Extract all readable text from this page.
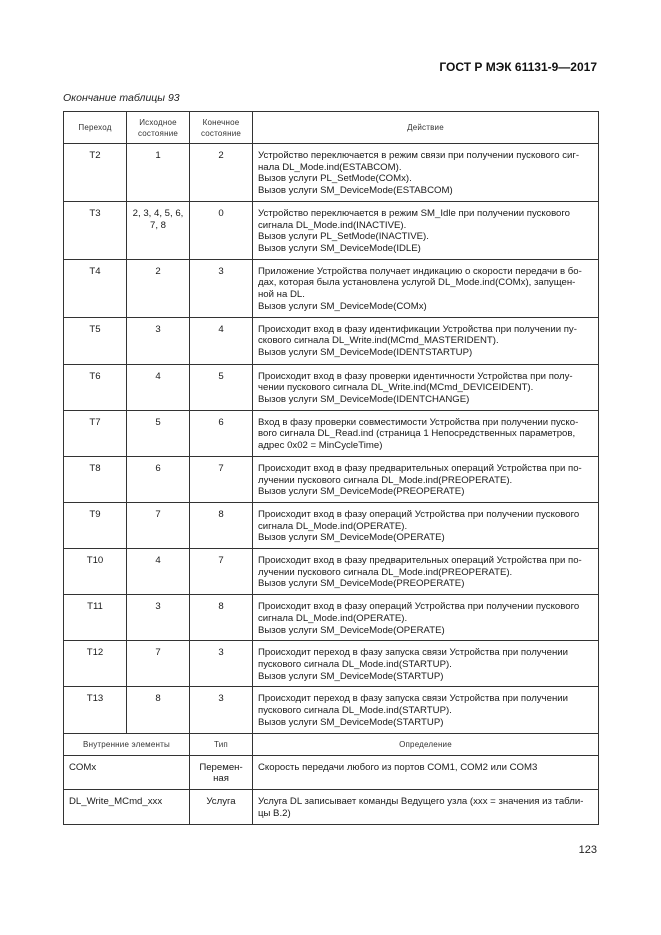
ГОСТ Р МЭК 61131-9—2017
Окончание таблицы 93
Переход	Исходное состояние	Конечное состояние	Действие
T2	1	2	Устройство переключается в режим связи при получении пускового сиг-
нала DL_Mode.ind(ESTABCOM).
Вызов услуги PL_SetMode(COMx).
Вызов услуги SM_DeviceMode(ESTABCOM)

T3	2, 3, 4, 5, 6, 7, 8	0	Устройство переключается в режим SM_Idle при получении пускового
сигнала DL_Mode.ind(INACTIVE).
Вызов услуги PL_SetMode(INACTIVE).
Вызов услуги SM_DeviceMode(IDLE)

T4	2	3	Приложение Устройства получает индикацию о скорости передачи в бо-
дах, которая была установлена услугой DL_Mode.ind(COMx), запущен-
ной на DL.
Вызов услуги SM_DeviceMode(COMx)

T5	3	4	Происходит вход в фазу идентификации Устройства при получении пу-
скового сигнала DL_Write.ind(MCmd_MASTERIDENT).
Вызов услуги SM_DeviceMode(IDENTSTARTUP)

T6	4	5	Происходит вход в фазу проверки идентичности Устройства при полу-
чении пускового сигнала DL_Write.ind(MCmd_DEVICEIDENT).
Вызов услуги SM_DeviceMode(IDENTCHANGE)

T7	5	6	Вход в фазу проверки совместимости Устройства при получении пуско-
вого сигнала DL_Read.ind (страница 1 Непосредственных параметров,
адрес 0x02 = MinCycleTime)

T8	6	7	Происходит вход в фазу предварительных операций Устройства при по-
лучении пускового сигнала DL_Mode.ind(PREOPERATE).
Вызов услуги SM_DeviceMode(PREOPERATE)

T9	7	8	Происходит вход в фазу операций Устройства при получении пускового
сигнала DL_Mode.ind(OPERATE).
Вызов услуги SM_DeviceMode(OPERATE)

T10	4	7	Происходит вход в фазу предварительных операций Устройства при по-
лучении пускового сигнала DL_Mode.ind(PREOPERATE).
Вызов услуги SM_DeviceMode(PREOPERATE)

T11	3	8	Происходит вход в фазу операций Устройства при получении пускового
сигнала DL_Mode.ind(OPERATE).
Вызов услуги SM_DeviceMode(OPERATE)

T12	7	3	Происходит переход в фазу запуска связи Устройства при получении
пускового сигнала DL_Mode.ind(STARTUP).
Вызов услуги SM_DeviceMode(STARTUP)

T13	8	3	Происходит переход в фазу запуска связи Устройства при получении
пускового сигнала DL_Mode.ind(STARTUP).
Вызов услуги SM_DeviceMode(STARTUP)

Внутренние элементы		Тип	Определение
COMx		Перемен-
ная	Скорость передачи любого из портов COM1, COM2 или COM3

DL_Write_MCmd_xxx		Услуга	Услуга DL записывает команды Ведущего узла (xxx = значения из табли-
цы B.2)
123
